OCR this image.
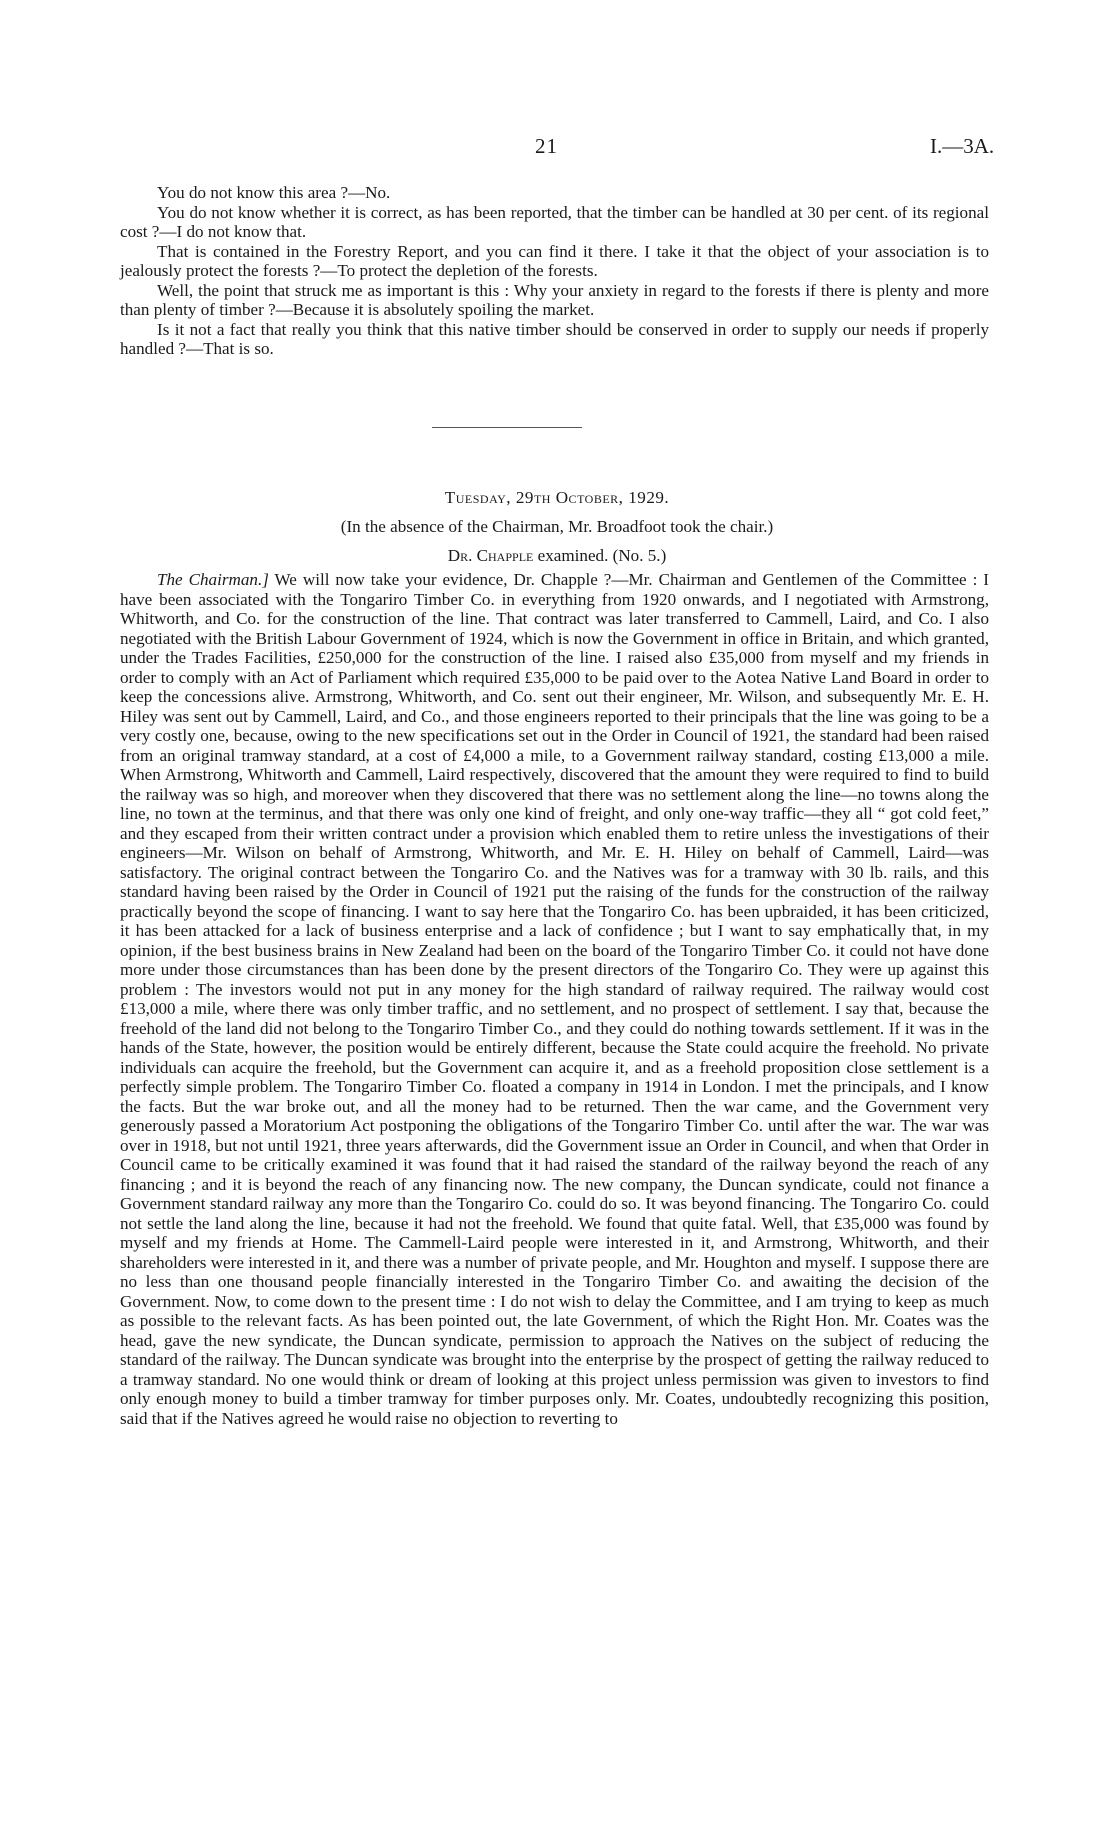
21	I.—3A.

You do not know this area ?—No.

You do not know whether it is correct, as has been reported, that the timber can be handled at 30 per cent. of its regional cost ?—I do not know that.

That is contained in the Forestry Report, and you can find it there. I take it that the object of your association is to jealously protect the forests ?—To protect the depletion of the forests.

Well, the point that struck me as important is this : Why your anxiety in regard to the forests if there is plenty and more than plenty of timber ?—Because it is absolutely spoiling the market.

Is it not a fact that really you think that this native timber should be conserved in order to supply our needs if properly handled ?—That is so.

Tuesday, 29th October, 1929.
(In the absence of the Chairman, Mr. Broadfoot took the chair.)
Dr. Chapple examined. (No. 5.)

The Chairman.] We will now take your evidence, Dr. Chapple ?—Mr. Chairman and Gentlemen of the Committee : I have been associated with the Tongariro Timber Co. in everything from 1920 onwards, and I negotiated with Armstrong, Whitworth, and Co. for the construction of the line. That contract was later transferred to Cammell, Laird, and Co. I also negotiated with the British Labour Government of 1924, which is now the Government in office in Britain, and which granted, under the Trades Facilities, £250,000 for the construction of the line. I raised also £35,000 from myself and my friends in order to comply with an Act of Parliament which required £35,000 to be paid over to the Aotea Native Land Board in order to keep the concessions alive. Armstrong, Whitworth, and Co. sent out their engineer, Mr. Wilson, and subsequently Mr. E. H. Hiley was sent out by Cammell, Laird, and Co., and those engineers reported to their principals that the line was going to be a very costly one, because, owing to the new specifications set out in the Order in Council of 1921, the standard had been raised from an original tramway standard, at a cost of £4,000 a mile, to a Government railway standard, costing £13,000 a mile. When Armstrong, Whitworth and Cammell, Laird respectively, discovered that the amount they were required to find to build the railway was so high, and moreover when they discovered that there was no settlement along the line—no towns along the line, no town at the terminus, and that there was only one kind of freight, and only one-way traffic—they all “ got cold feet,” and they escaped from their written contract under a provision which enabled them to retire unless the investigations of their engineers—Mr. Wilson on behalf of Armstrong, Whitworth, and Mr. E. H. Hiley on behalf of Cammell, Laird—was satisfactory. The original contract between the Tongariro Co. and the Natives was for a tramway with 30 lb. rails, and this standard having been raised by the Order in Council of 1921 put the raising of the funds for the construction of the railway practically beyond the scope of financing. I want to say here that the Tongariro Co. has been upbraided, it has been criticized, it has been attacked for a lack of business enterprise and a lack of confidence ; but I want to say emphatically that, in my opinion, if the best business brains in New Zealand had been on the board of the Tongariro Timber Co. it could not have done more under those circumstances than has been done by the present directors of the Tongariro Co. They were up against this problem : The investors would not put in any money for the high standard of railway required. The railway would cost £13,000 a mile, where there was only timber traffic, and no settlement, and no prospect of settlement. I say that, because the freehold of the land did not belong to the Tongariro Timber Co., and they could do nothing towards settlement. If it was in the hands of the State, however, the position would be entirely different, because the State could acquire the freehold. No private individuals can acquire the freehold, but the Government can acquire it, and as a freehold proposition close settlement is a perfectly simple problem. The Tongariro Timber Co. floated a company in 1914 in London. I met the principals, and I know the facts. But the war broke out, and all the money had to be returned. Then the war came, and the Government very generously passed a Moratorium Act postponing the obligations of the Tongariro Timber Co. until after the war. The war was over in 1918, but not until 1921, three years afterwards, did the Government issue an Order in Council, and when that Order in Council came to be critically examined it was found that it had raised the standard of the railway beyond the reach of any financing ; and it is beyond the reach of any financing now. The new company, the Duncan syndicate, could not finance a Government standard railway any more than the Tongariro Co. could do so. It was beyond financing. The Tongariro Co. could not settle the land along the line, because it had not the freehold. We found that quite fatal. Well, that £35,000 was found by myself and my friends at Home. The Cammell-Laird people were interested in it, and Armstrong, Whitworth, and their shareholders were interested in it, and there was a number of private people, and Mr. Houghton and myself. I suppose there are no less than one thousand people financially interested in the Tongariro Timber Co. and awaiting the decision of the Government. Now, to come down to the present time : I do not wish to delay the Committee, and I am trying to keep as much as possible to the relevant facts. As has been pointed out, the late Government, of which the Right Hon. Mr. Coates was the head, gave the new syndicate, the Duncan syndicate, permission to approach the Natives on the subject of reducing the standard of the railway. The Duncan syndicate was brought into the enterprise by the prospect of getting the railway reduced to a tramway standard. No one would think or dream of looking at this project unless permission was given to investors to find only enough money to build a timber tramway for timber purposes only. Mr. Coates, undoubtedly recognizing this position, said that if the Natives agreed he would raise no objection to reverting to
